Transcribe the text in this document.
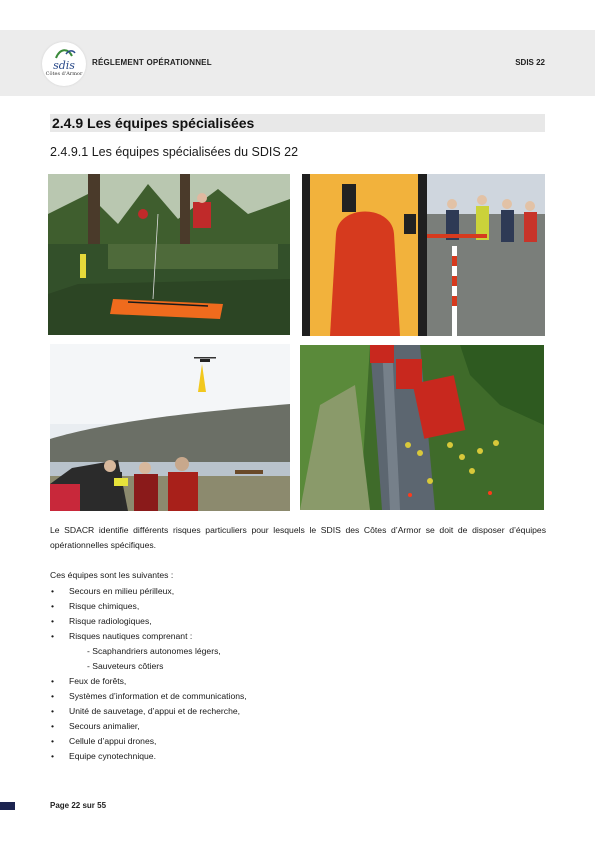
sdis
Côtes d'Armor
RÉGLEMENT OPÉRATIONNEL	SDIS 22
2.4.9 Les équipes spécialisées
2.4.9.1 Les équipes spécialisées du SDIS 22
Le SDACR identifie différents risques particuliers pour lesquels le SDIS des Côtes d’Armor se doit de disposer d’équipes opérationnelles spécifiques.
Ces équipes sont les suivantes :
• Secours en milieu périlleux,
• Risque chimiques,
• Risque radiologiques,
• Risques nautiques comprenant :
- Scaphandriers autonomes légers,
- Sauveteurs côtiers
• Feux de forêts,
• Systèmes d’information et de communications,
• Unité de sauvetage, d’appui et de recherche,
• Secours animalier,
• Cellule d’appui drones,
• Equipe cynotechnique.
Page 22 sur 55
